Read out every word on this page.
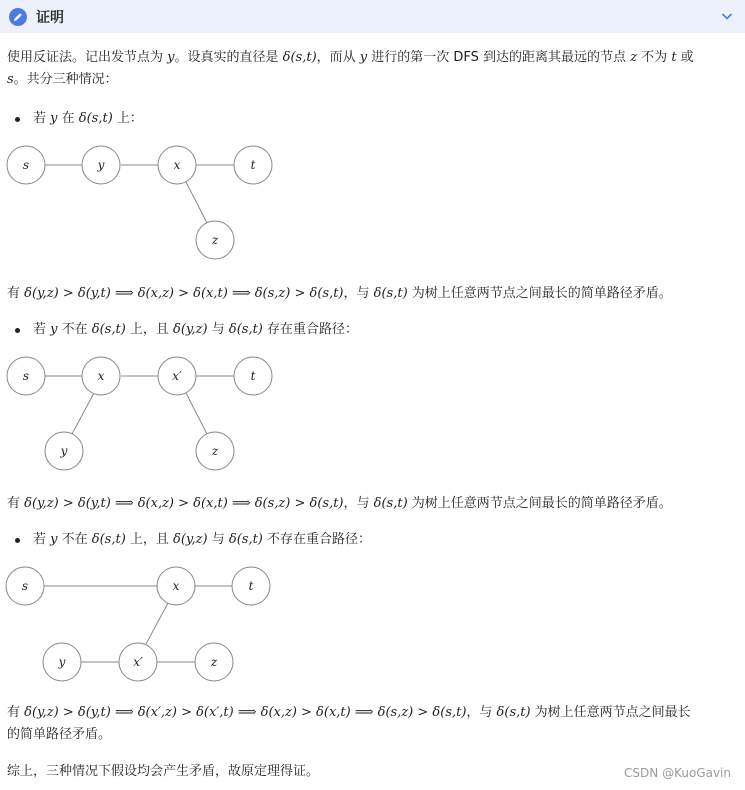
证明
使用反证法。记出发节点为 y。设真实的直径是 δ(s,t)，而从 y 进行的第一次 DFS 到达的距离其最远的节点 z 不为 t 或
s。共分三种情况：
若 y 在 δ(s,t) 上：
s	y	x	t
z
有 δ(y,z) > δ(y,t) ⟹ δ(x,z) > δ(x,t) ⟹ δ(s,z) > δ(s,t)，与 δ(s,t) 为树上任意两节点之间最长的简单路径矛盾。
若 y 不在 δ(s,t) 上，且 δ(y,z) 与 δ(s,t) 存在重合路径：
s	x	x′	t
y	z
有 δ(y,z) > δ(y,t) ⟹ δ(x,z) > δ(x,t) ⟹ δ(s,z) > δ(s,t)，与 δ(s,t) 为树上任意两节点之间最长的简单路径矛盾。
若 y 不在 δ(s,t) 上，且 δ(y,z) 与 δ(s,t) 不存在重合路径：
s	x	t
y	x′	z
有 δ(y,z) > δ(y,t) ⟹ δ(x′,z) > δ(x′,t) ⟹ δ(x,z) > δ(x,t) ⟹ δ(s,z) > δ(s,t)，与 δ(s,t) 为树上任意两节点之间最长
的简单路径矛盾。
综上，三种情况下假设均会产生矛盾，故原定理得证。	CSDN @KuoGavin
